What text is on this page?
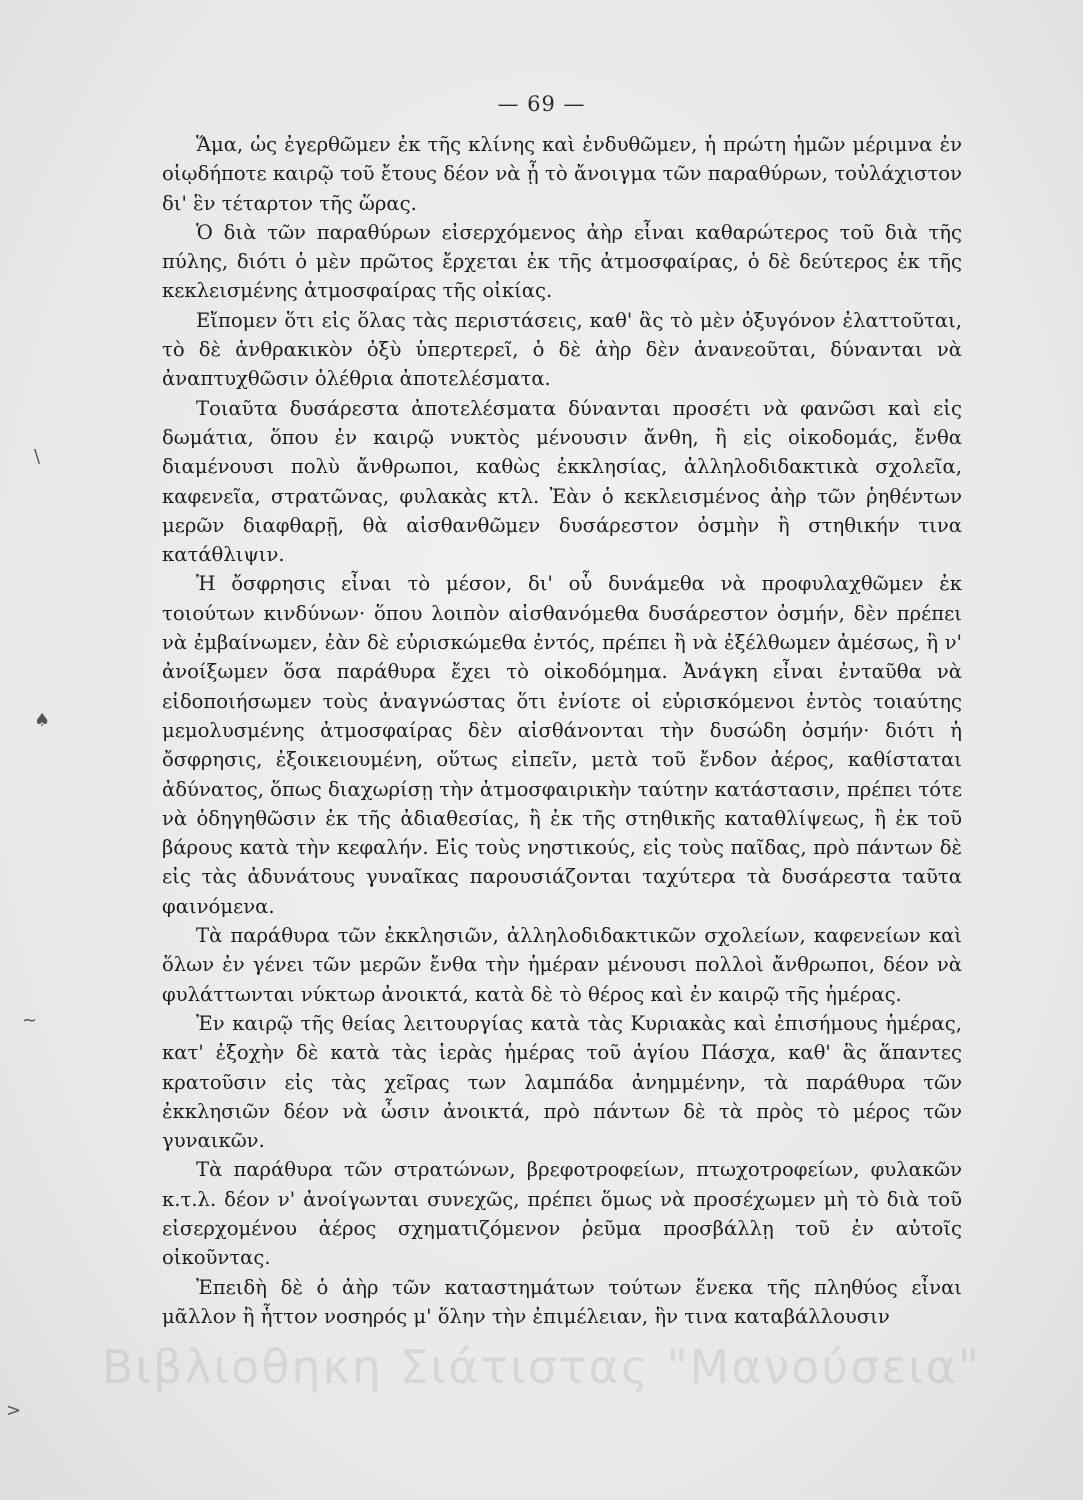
— 69 —

Ἅμα, ὡς ἐγερθῶμεν ἐκ τῆς κλίνης καὶ ἐνδυθῶμεν, ἡ πρώτη ἡμῶν μέριμνα ἐν οἱῳδήποτε καιρῷ τοῦ ἔτους δέον νὰ ᾖ τὸ ἄνοιγμα τῶν παραθύρων, τοὐλάχιστον δι' ἓν τέταρτον τῆς ὥρας.

Ὁ διὰ τῶν παραθύρων εἰσερχόμενος ἀὴρ εἶναι καθαρώτερος τοῦ διὰ τῆς πύλης, διότι ὁ μὲν πρῶτος ἔρχεται ἐκ τῆς ἀτμοσφαίρας, ὁ δὲ δεύτερος ἐκ τῆς κεκλεισμένης ἀτμοσφαίρας τῆς οἰκίας.

Εἴπομεν ὅτι εἰς ὅλας τὰς περιστάσεις, καθ' ἃς τὸ μὲν ὀξυγόνον ἐλαττοῦται, τὸ δὲ ἀνθρακικὸν ὀξὺ ὑπερτερεῖ, ὁ δὲ ἀὴρ δὲν ἀνανεοῦται, δύνανται νὰ ἀναπτυχθῶσιν ὀλέθρια ἀποτελέσματα.

Τοιαῦτα δυσάρεστα ἀποτελέσματα δύνανται προσέτι νὰ φανῶσι καὶ εἰς δωμάτια, ὅπου ἐν καιρῷ νυκτὸς μένουσιν ἄνθη, ἢ εἰς οἰκοδομάς, ἔνθα διαμένουσι πολὺ ἄνθρωποι, καθὼς ἐκκλησίας, ἀλληλοδιδακτικὰ σχολεῖα, καφενεῖα, στρατῶνας, φυλακὰς κτλ. Ἐὰν ὁ κεκλεισμένος ἀὴρ τῶν ῥηθέντων μερῶν διαφθαρῇ, θὰ αἰσθανθῶμεν δυσάρεστον ὀσμὴν ἢ στηθικήν τινα κατάθλιψιν.

Ἡ ὄσφρησις εἶναι τὸ μέσον, δι' οὗ δυνάμεθα νὰ προφυλαχθῶμεν ἐκ τοιούτων κινδύνων· ὅπου λοιπὸν αἰσθανόμεθα δυσάρεστον ὀσμήν, δὲν πρέπει νὰ ἐμβαίνωμεν, ἐὰν δὲ εὑρισκώμεθα ἐντός, πρέπει ἢ νὰ ἐξέλθωμεν ἀμέσως, ἢ ν' ἀνοίξωμεν ὅσα παράθυρα ἔχει τὸ οἰκοδόμημα. Ἀνάγκη εἶναι ἐνταῦθα νὰ εἰδοποιήσωμεν τοὺς ἀναγνώστας ὅτι ἐνίοτε οἱ εὑρισκόμενοι ἐντὸς τοιαύτης μεμολυσμένης ἀτμοσφαίρας δὲν αἰσθάνονται τὴν δυσώδη ὀσμήν· διότι ἡ ὄσφρησις, ἐξοικειουμένη, οὕτως εἰπεῖν, μετὰ τοῦ ἔνδον ἀέρος, καθίσταται ἀδύνατος, ὅπως διαχωρίσῃ τὴν ἀτμοσφαιρικὴν ταύτην κατάστασιν, πρέπει τότε νὰ ὁδηγηθῶσιν ἐκ τῆς ἀδιαθεσίας, ἢ ἐκ τῆς στηθικῆς καταθλίψεως, ἢ ἐκ τοῦ βάρους κατὰ τὴν κεφαλήν. Εἰς τοὺς νηστικούς, εἰς τοὺς παῖδας, πρὸ πάντων δὲ εἰς τὰς ἀδυνάτους γυναῖκας παρουσιάζονται ταχύτερα τὰ δυσάρεστα ταῦτα φαινόμενα.

Τὰ παράθυρα τῶν ἐκκλησιῶν, ἀλληλοδιδακτικῶν σχολείων, καφενείων καὶ ὅλων ἐν γένει τῶν μερῶν ἔνθα τὴν ἡμέραν μένουσι πολλοὶ ἄνθρωποι, δέον νὰ φυλάττωνται νύκτωρ ἀνοικτά, κατὰ δὲ τὸ θέρος καὶ ἐν καιρῷ τῆς ἡμέρας.

Ἐν καιρῷ τῆς θείας λειτουργίας κατὰ τὰς Κυριακὰς καὶ ἐπισήμους ἡμέρας, κατ' ἐξοχὴν δὲ κατὰ τὰς ἱερὰς ἡμέρας τοῦ ἁγίου Πάσχα, καθ' ἃς ἅπαντες κρατοῦσιν εἰς τὰς χεῖρας των λαμπάδα ἀνημμένην, τὰ παράθυρα τῶν ἐκκλησιῶν δέον νὰ ὦσιν ἀνοικτά, πρὸ πάντων δὲ τὰ πρὸς τὸ μέρος τῶν γυναικῶν.

Τὰ παράθυρα τῶν στρατώνων, βρεφοτροφείων, πτωχοτροφείων, φυλακῶν κ.τ.λ. δέον ν' ἀνοίγωνται συνεχῶς, πρέπει ὅμως νὰ προσέχωμεν μὴ τὸ διὰ τοῦ εἰσερχομένου ἀέρος σχηματιζόμενον ῥεῦμα προσβάλλῃ τοῦ ἐν αὐτοῖς οἰκοῦντας.

Ἐπειδὴ δὲ ὁ ἀὴρ τῶν καταστημάτων τούτων ἕνεκα τῆς πληθύος εἶναι μᾶλλον ἢ ἧττον νοσηρός μ' ὅλην τὴν ἐπιμέλειαν, ἣν τινα καταβάλλουσιν

\
♠
~
>
Βιβλιοθηκη Σιάτιστας "Μανούσεια"
